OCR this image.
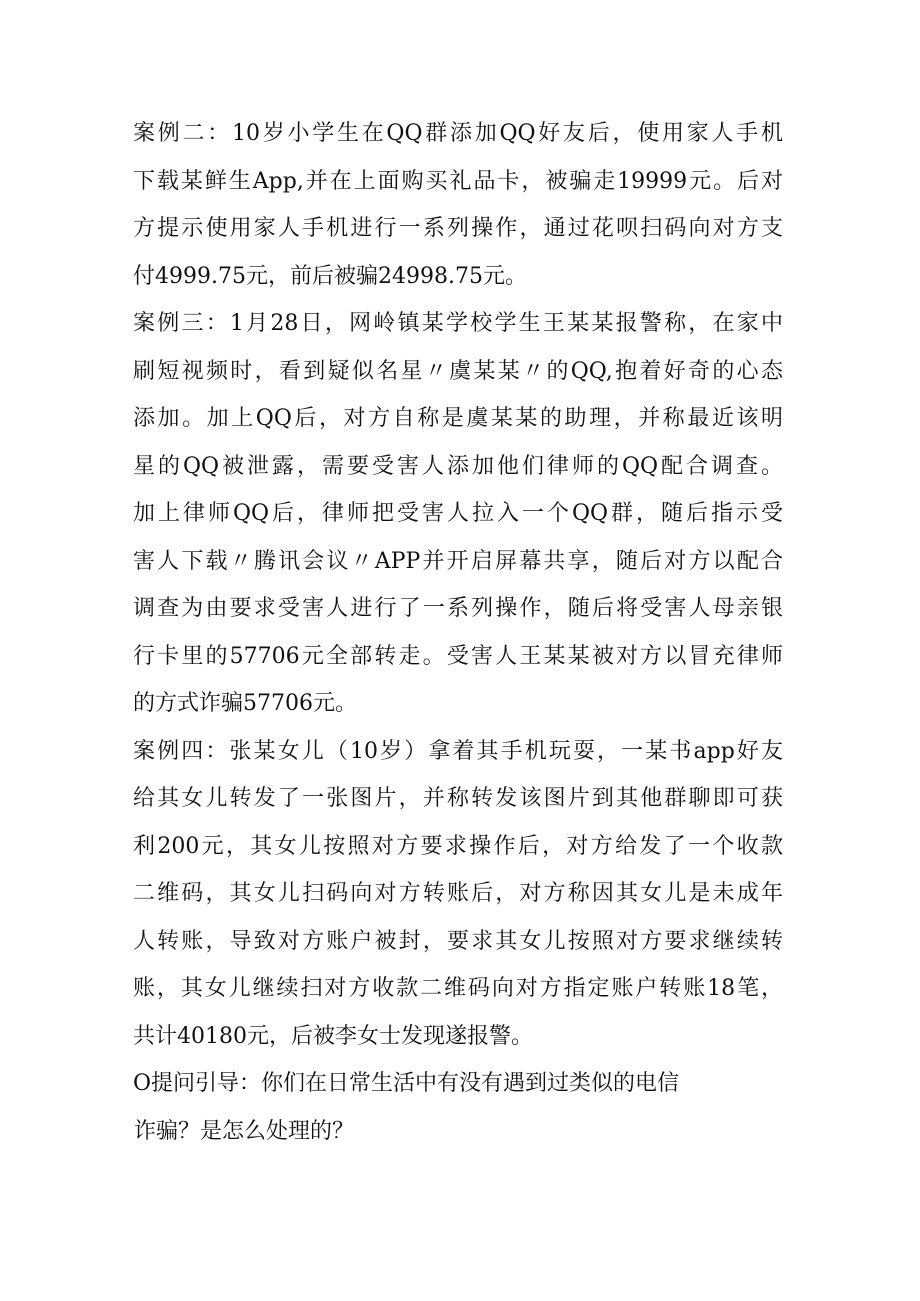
案例二：10岁小学生在QQ群添加QQ好友后，使用家人手机
下载某鲜生App,并在上面购买礼品卡，被骗走19999元。后对
方提示使用家人手机进行一系列操作，通过花呗扫码向对方支
付4999.75元，前后被骗24998.75元。
案例三：1月28日，网岭镇某学校学生王某某报警称，在家中
刷短视频时，看到疑似名星〃虞某某〃的QQ,抱着好奇的心态
添加。加上QQ后，对方自称是虞某某的助理，并称最近该明
星的QQ被泄露，需要受害人添加他们律师的QQ配合调查。
加上律师QQ后，律师把受害人拉入一个QQ群，随后指示受
害人下载〃腾讯会议〃APP并开启屏幕共享，随后对方以配合
调查为由要求受害人进行了一系列操作，随后将受害人母亲银
行卡里的57706元全部转走。受害人王某某被对方以冒充律师
的方式诈骗57706元。
案例四：张某女儿（10岁）拿着其手机玩耍，一某书app好友
给其女儿转发了一张图片，并称转发该图片到其他群聊即可获
利200元，其女儿按照对方要求操作后，对方给发了一个收款
二维码，其女儿扫码向对方转账后，对方称因其女儿是未成年
人转账，导致对方账户被封，要求其女儿按照对方要求继续转
账，其女儿继续扫对方收款二维码向对方指定账户转账18笔，
共计40180元，后被李女士发现遂报警。
O提问引导：你们在日常生活中有没有遇到过类似的电信
诈骗？是怎么处理的？
